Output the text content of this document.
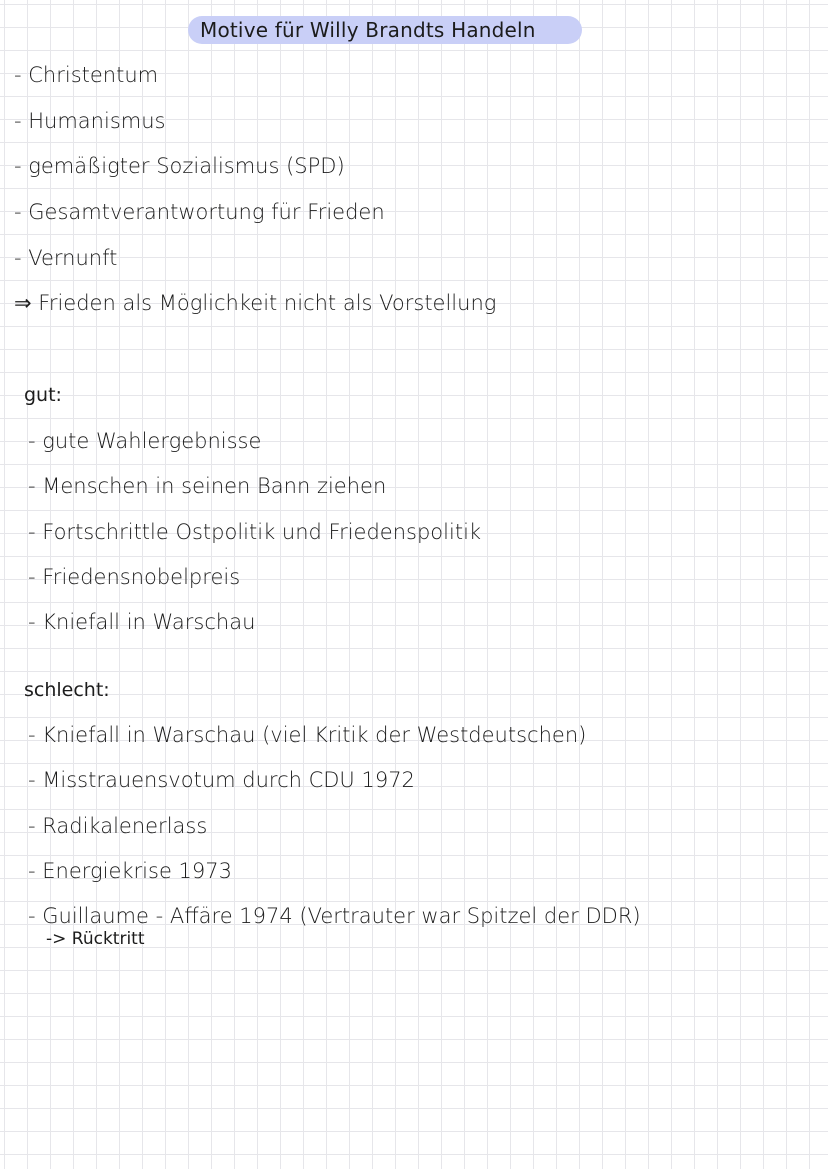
Motive für Willy Brandts Handeln
- Christentum
- Humanismus
- gemäßigter Sozialismus (SPD)
- Gesamtverantwortung für Frieden
- Vernunft
⇒ Frieden als Möglichkeit nicht als Vorstellung
gut:
- gute Wahlergebnisse
- Menschen in seinen Bann ziehen
- Fortschrittle Ostpolitik und Friedenspolitik
- Friedensnobelpreis
- Kniefall in Warschau
schlecht:
- Kniefall in Warschau (viel Kritik der Westdeutschen)
- Misstrauensvotum durch CDU 1972
- Radikalenerlass
- Energiekrise 1973
- Guillaume - Affäre 1974 (Vertrauter war Spitzel der DDR)
-> Rücktritt
